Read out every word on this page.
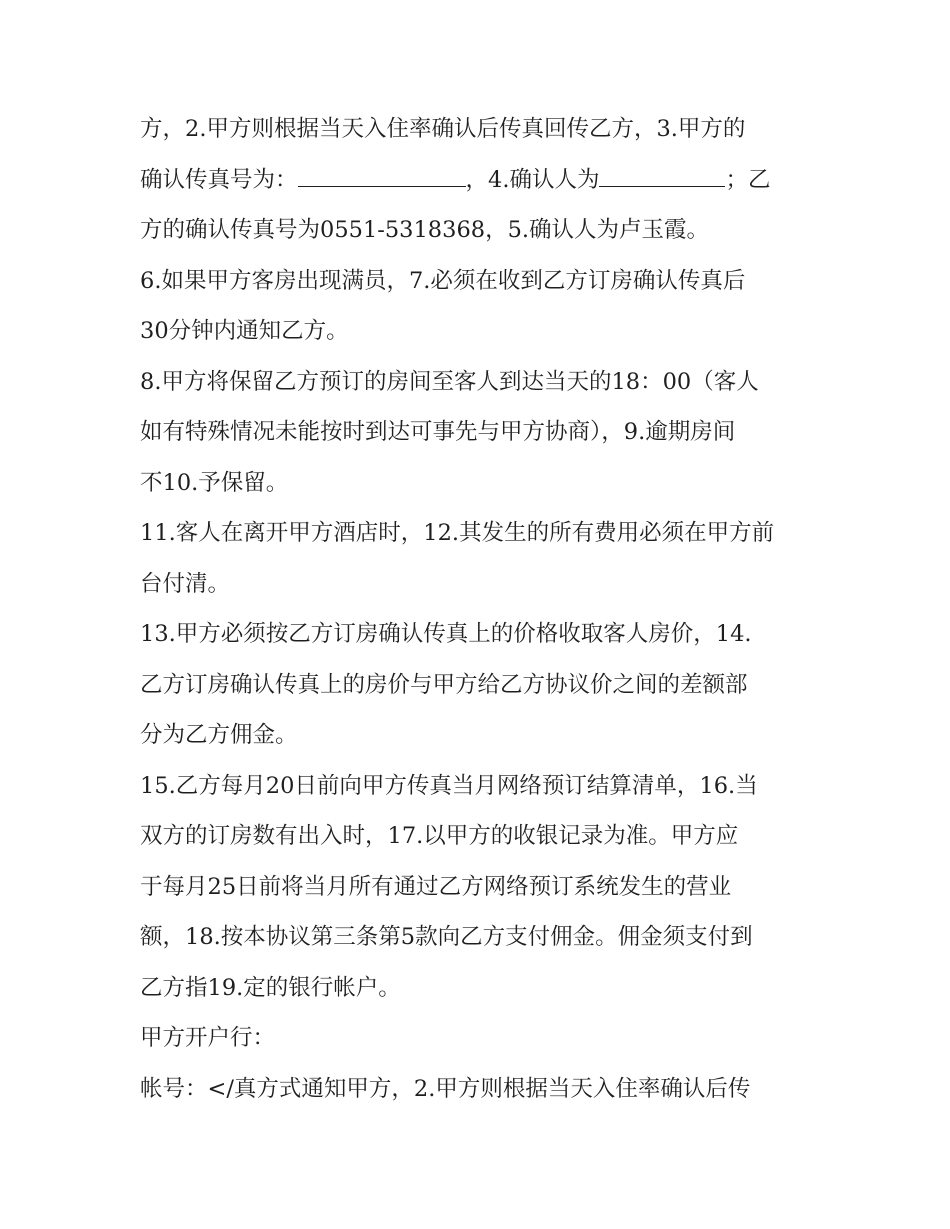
方，2.甲方则根据当天入住率确认后传真回传乙方，3.甲方的
确认传真号为：	，4.确认人为	；乙
方的确认传真号为0551-5318368，5.确认人为卢玉霞。
6.如果甲方客房出现满员，7.必须在收到乙方订房确认传真后
30分钟内通知乙方。
8.甲方将保留乙方预订的房间至客人到达当天的18：00（客人
如有特殊情况未能按时到达可事先与甲方协商），9.逾期房间
不10.予保留。
11.客人在离开甲方酒店时，12.其发生的所有费用必须在甲方前
台付清。
13.甲方必须按乙方订房确认传真上的价格收取客人房价，14.
乙方订房确认传真上的房价与甲方给乙方协议价之间的差额部
分为乙方佣金。
15.乙方每月20日前向甲方传真当月网络预订结算清单，16.当
双方的订房数有出入时，17.以甲方的收银记录为准。甲方应
于每月25日前将当月所有通过乙方网络预订系统发生的营业
额，18.按本协议第三条第5款向乙方支付佣金。佣金须支付到
乙方指19.定的银行帐户。
甲方开户行：
帐号：</真方式通知甲方，2.甲方则根据当天入住率确认后传
